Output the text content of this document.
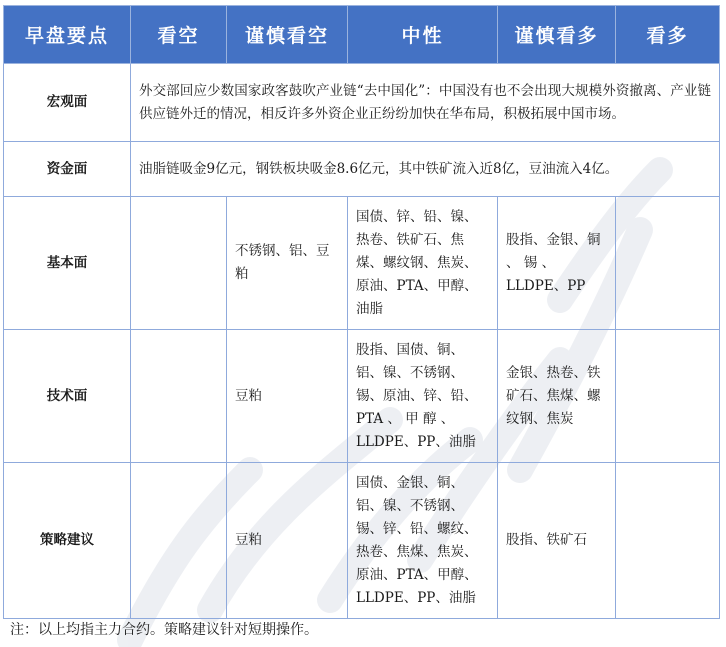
早盘要点	看空	谨慎看空	中性	谨慎看多	看多
宏观面	外交部回应少数国家政客鼓吹产业链“去中国化”：中国没有也不会出现大规模外资撤离、产业链供应链外迁的情况，相反许多外资企业正纷纷加快在华布局，积极拓展中国市场。				
资金面	油脂链吸金9亿元，钢铁板块吸金8.6亿元，其中铁矿流入近8亿，豆油流入4亿。				
基本面		不锈钢、铝、豆粕	国债、锌、铅、镍、热卷、铁矿石、焦煤、螺纹钢、焦炭、原油、PTA、甲醇、油脂	股指、金银、铜 、 锡 、LLDPE、PP	
技术面		豆粕	股指、国债、铜、铝、镍、不锈钢、锡、原油、锌、铅、PTA 、 甲 醇 、LLDPE、PP、油脂	金银、热卷、铁矿石、焦煤、螺纹钢、焦炭	
策略建议		豆粕	国债、金银、铜、铝、镍、不锈钢、锡、锌、铅、螺纹、热卷、焦煤、焦炭、原油、PTA、甲醇、LLDPE、PP、油脂	股指、铁矿石	
注：以上均指主力合约。策略建议针对短期操作。
